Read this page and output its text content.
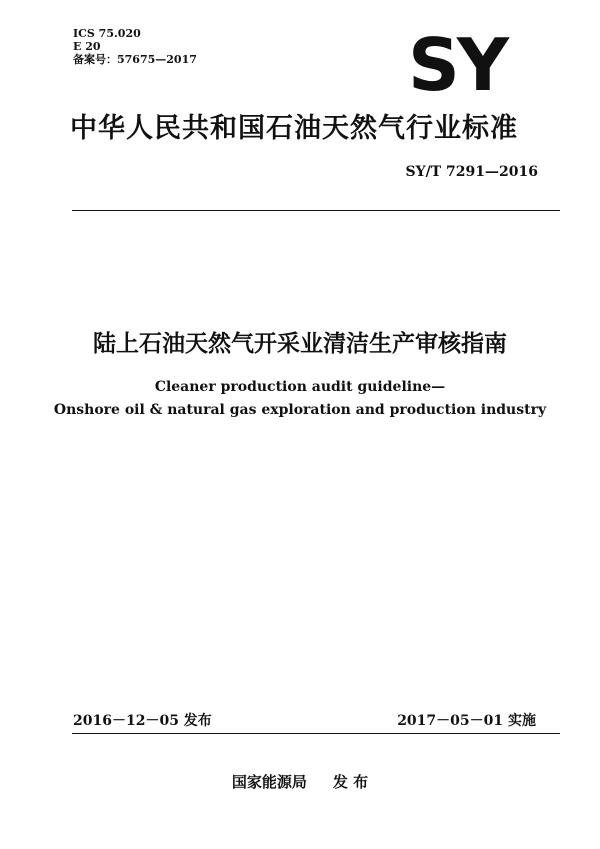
ICS 75.020
E 20
备案号：57675—2017	SY
中华人民共和国石油天然气行业标准
SY/T 7291—2016
陆上石油天然气开采业清洁生产审核指南
Cleaner production audit guideline—
Onshore oil & natural gas exploration and production industry
2016－12－05 发布	2017－05－01 实施
国家能源局 发 布
